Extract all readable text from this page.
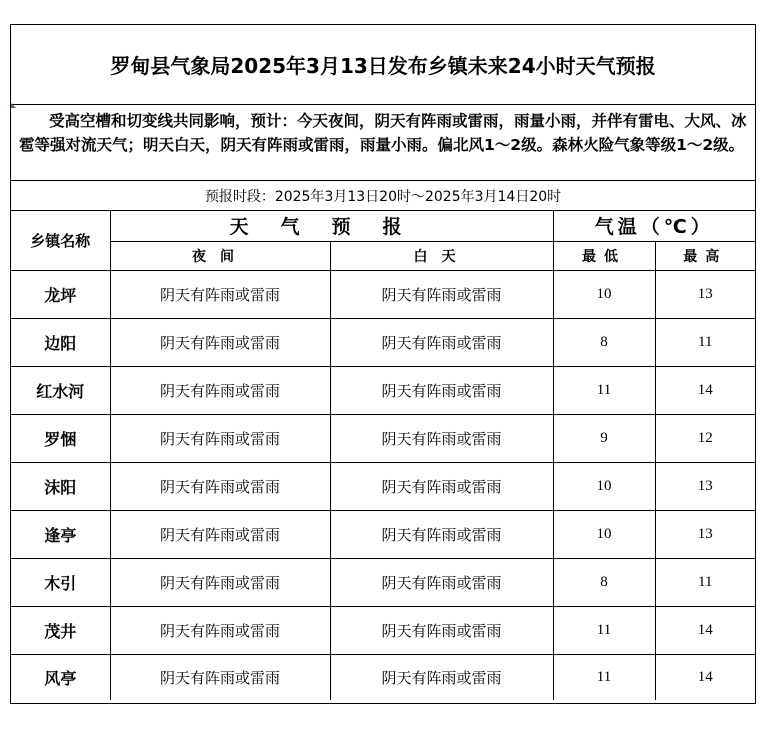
罗甸县气象局2025年3月13日发布乡镇未来24小时天气预报
受高空槽和切变线共同影响，预计：今天夜间，阴天有阵雨或雷雨，雨量小雨，并伴有雷电、大风、冰雹等强对流天气；明天白天，阴天有阵雨或雷雨，雨量小雨。偏北风1～2级。森林火险气象等级1～2级。
预报时段：2025年3月13日20时～2025年3月14日20时
乡镇名称	天气预报		气温（℃）	
	夜间	白天	最低	最高
龙坪	阴天有阵雨或雷雨	阴天有阵雨或雷雨	10	13
边阳	阴天有阵雨或雷雨	阴天有阵雨或雷雨	8	11
红水河	阴天有阵雨或雷雨	阴天有阵雨或雷雨	11	14
罗悃	阴天有阵雨或雷雨	阴天有阵雨或雷雨	9	12
沫阳	阴天有阵雨或雷雨	阴天有阵雨或雷雨	10	13
逢亭	阴天有阵雨或雷雨	阴天有阵雨或雷雨	10	13
木引	阴天有阵雨或雷雨	阴天有阵雨或雷雨	8	11
茂井	阴天有阵雨或雷雨	阴天有阵雨或雷雨	11	14
风亭	阴天有阵雨或雷雨	阴天有阵雨或雷雨	11	14
